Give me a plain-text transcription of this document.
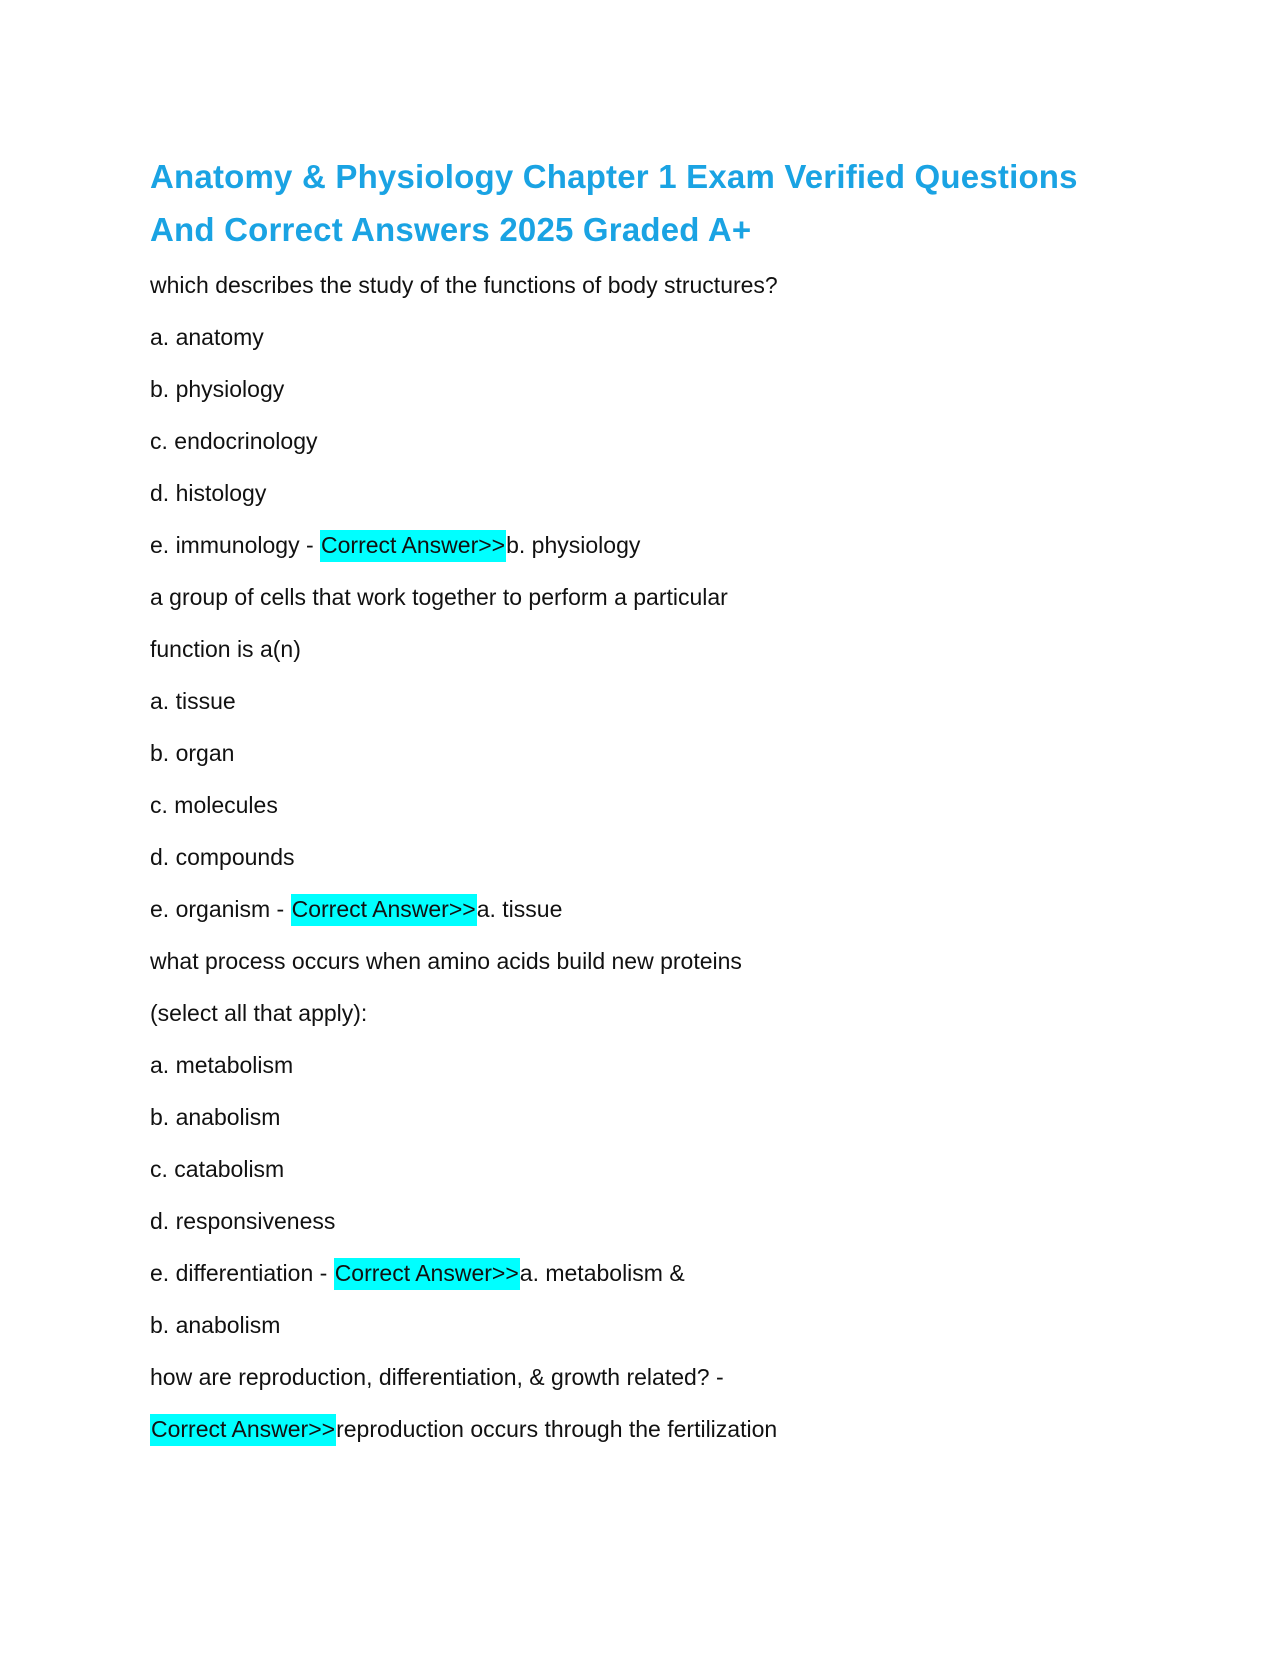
Anatomy & Physiology Chapter 1 Exam Verified Questions And Correct Answers 2025 Graded A+

which describes the study of the functions of body structures?

a. anatomy

b. physiology

c. endocrinology

d. histology

e. immunology - Correct Answer>>b. physiology

a group of cells that work together to perform a particular

function is a(n)

a. tissue

b. organ

c. molecules

d. compounds

e. organism - Correct Answer>>a. tissue

what process occurs when amino acids build new proteins

(select all that apply):

a. metabolism

b. anabolism

c. catabolism

d. responsiveness

e. differentiation - Correct Answer>>a. metabolism &

b. anabolism

how are reproduction, differentiation, & growth related? -

Correct Answer>>reproduction occurs through the fertilization
